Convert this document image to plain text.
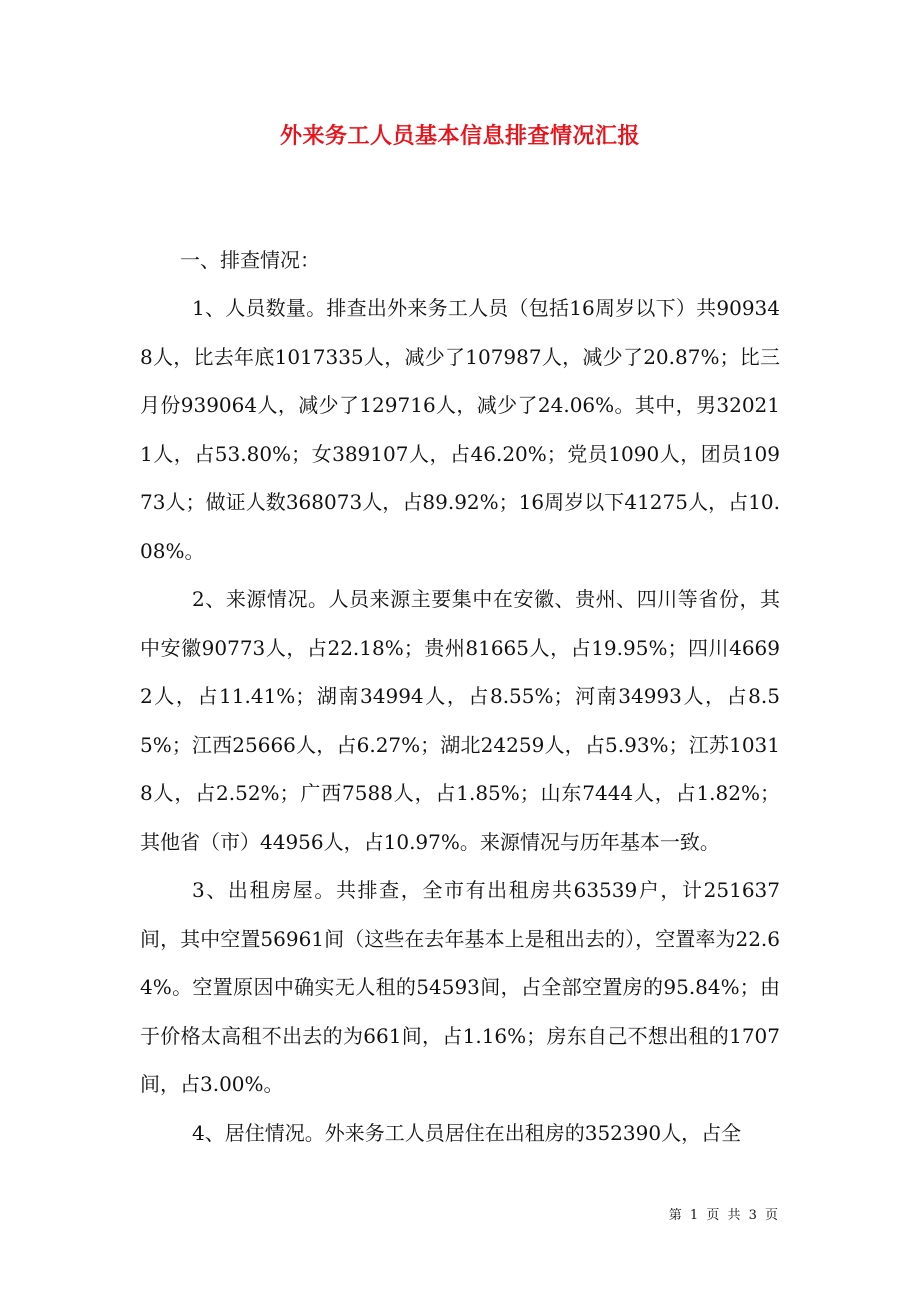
外来务工人员基本信息排查情况汇报

一、排查情况：

1、人员数量。排查出外来务工人员（包括16周岁以下）共909348人，比去年底1017335人，减少了107987人，减少了20.87%；比三月份939064人，减少了129716人，减少了24.06%。其中，男320211人，占53.80%；女389107人，占46.20%；党员1090人，团员10973人；做证人数368073人，占89.92%；16周岁以下41275人，占10.08%。

2、来源情况。人员来源主要集中在安徽、贵州、四川等省份，其中安徽90773人，占22.18%；贵州81665人，占19.95%；四川46692人，占11.41%；湖南34994人，占8.55%；河南34993人，占8.55%；江西25666人，占6.27%；湖北24259人，占5.93%；江苏10318人，占2.52%；广西7588人，占1.85%；山东7444人，占1.82%；其他省（市）44956人，占10.97%。来源情况与历年基本一致。

3、出租房屋。共排查，全市有出租房共63539户，计251637间，其中空置56961间（这些在去年基本上是租出去的），空置率为22.64%。空置原因中确实无人租的54593间，占全部空置房的95.84%；由于价格太高租不出去的为661间，占1.16%；房东自己不想出租的1707间，占3.00%。

4、居住情况。外来务工人员居住在出租房的352390人，占全

第 1 页 共 3 页
